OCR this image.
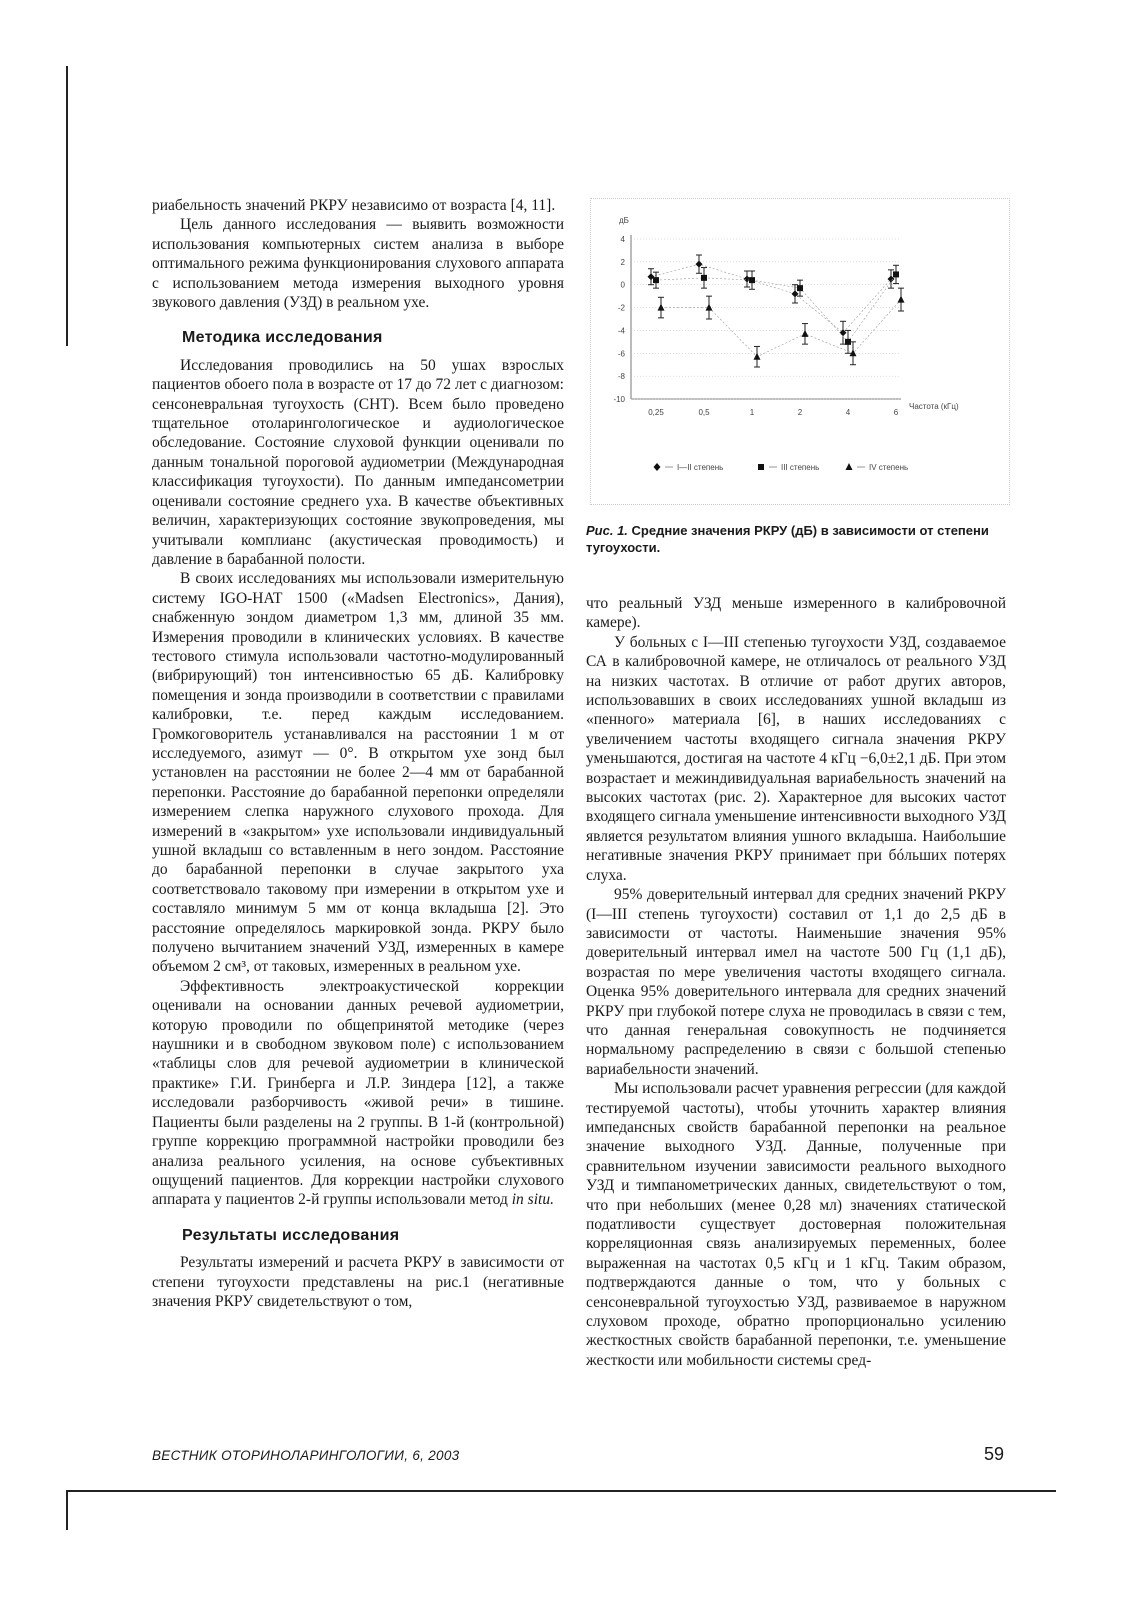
риабельность значений РКРУ независимо от возраста [4, 11].

Цель данного исследования — выявить возможности использования компьютерных систем анализа в выборе оптимального режима функционирования слухового аппарата с использованием метода измерения выходного уровня звукового давления (УЗД) в реальном ухе.

Методика исследования

Исследования проводились на 50 ушах взрослых пациентов обоего пола в возрасте от 17 до 72 лет с диагнозом: сенсоневральная тугоухость (СНТ). Всем было проведено тщательное отоларингологическое и аудиологическое обследование. Состояние слуховой функции оценивали по данным тональной пороговой аудиометрии (Международная классификация тугоухости). По данным импедансометрии оценивали состояние среднего уха. В качестве объективных величин, характеризующих состояние звукопроведения, мы учитывали комплианс (акустическая проводимость) и давление в барабанной полости.

В своих исследованиях мы использовали измерительную систему IGO-HAT 1500 («Madsen Electronics», Дания), снабженную зондом диаметром 1,3 мм, длиной 35 мм. Измерения проводили в клинических условиях. В качестве тестового стимула использовали частотно-модулированный (вибрирующий) тон интенсивностью 65 дБ. Калибровку помещения и зонда производили в соответствии с правилами калибровки, т.е. перед каждым исследованием. Громкоговоритель устанавливался на расстоянии 1 м от исследуемого, азимут — 0°. В открытом ухе зонд был установлен на расстоянии не более 2—4 мм от барабанной перепонки. Расстояние до барабанной перепонки определяли измерением слепка наружного слухового прохода. Для измерений в «закрытом» ухе использовали индивидуальный ушной вкладыш со вставленным в него зондом. Расстояние до барабанной перепонки в случае закрытого уха соответствовало таковому при измерении в открытом ухе и составляло минимум 5 мм от конца вкладыша [2]. Это расстояние определялось маркировкой зонда. РКРУ было получено вычитанием значений УЗД, измеренных в камере объемом 2 см³, от таковых, измеренных в реальном ухе.

Эффективность электроакустической коррекции оценивали на основании данных речевой аудиометрии, которую проводили по общепринятой методике (через наушники и в свободном звуковом поле) с использованием «таблицы слов для речевой аудиометрии в клинической практике» Г.И. Гринберга и Л.Р. Зиндера [12], а также исследовали разборчивость «живой речи» в тишине. Пациенты были разделены на 2 группы. В 1-й (контрольной) группе коррекцию программной настройки проводили без анализа реального усиления, на основе субъективных ощущений пациентов. Для коррекции настройки слухового аппарата у пациентов 2-й группы использовали метод in situ.

Результаты исследования

Результаты измерений и расчета РКРУ в зависимости от степени тугоухости представлены на рис.1 (негативные значения РКРУ свидетельствуют о том,

дБ
4
2
0
-2
-4
-6
-8
-10
0,25	0,5	1	2	4	6
Частота (кГц)
I—II степень	III степень	IV степень
Рис. 1. Средние значения РКРУ (дБ) в зависимости от степени тугоухости.

что реальный УЗД меньше измеренного в калибровочной камере).

У больных с I—III степенью тугоухости УЗД, создаваемое СА в калибровочной камере, не отличалось от реального УЗД на низких частотах. В отличие от работ других авторов, использовавших в своих исследованиях ушной вкладыш из «пенного» материала [6], в наших исследованиях с увеличением частоты входящего сигнала значения РКРУ уменьшаются, достигая на частоте 4 кГц −6,0±2,1 дБ. При этом возрастает и межиндивидуальная вариабельность значений на высоких частотах (рис. 2). Характерное для высоких частот входящего сигнала уменьшение интенсивности выходного УЗД является результатом влияния ушного вкладыша. Наибольшие негативные значения РКРУ принимает при бóльших потерях слуха.

95% доверительный интервал для средних значений РКРУ (I—III степень тугоухости) составил от 1,1 до 2,5 дБ в зависимости от частоты. Наименьшие значения 95% доверительный интервал имел на частоте 500 Гц (1,1 дБ), возрастая по мере увеличения частоты входящего сигнала. Оценка 95% доверительного интервала для средних значений РКРУ при глубокой потере слуха не проводилась в связи с тем, что данная генеральная совокупность не подчиняется нормальному распределению в связи с большой степенью вариабельности значений.

Мы использовали расчет уравнения регрессии (для каждой тестируемой частоты), чтобы уточнить характер влияния импедансных свойств барабанной перепонки на реальное значение выходного УЗД. Данные, полученные при сравнительном изучении зависимости реального выходного УЗД и тимпанометрических данных, свидетельствуют о том, что при небольших (менее 0,28 мл) значениях статической податливости существует достоверная положительная корреляционная связь анализируемых переменных, более выраженная на частотах 0,5 кГц и 1 кГц. Таким образом, подтверждаются данные о том, что у больных с сенсоневральной тугоухостью УЗД, развиваемое в наружном слуховом проходе, обратно пропорционально усилению жесткостных свойств барабанной перепонки, т.е. уменьшение жесткости или мобильности системы сред-

ВЕСТНИК ОТОРИНОЛАРИНГОЛОГИИ, 6, 2003	59
